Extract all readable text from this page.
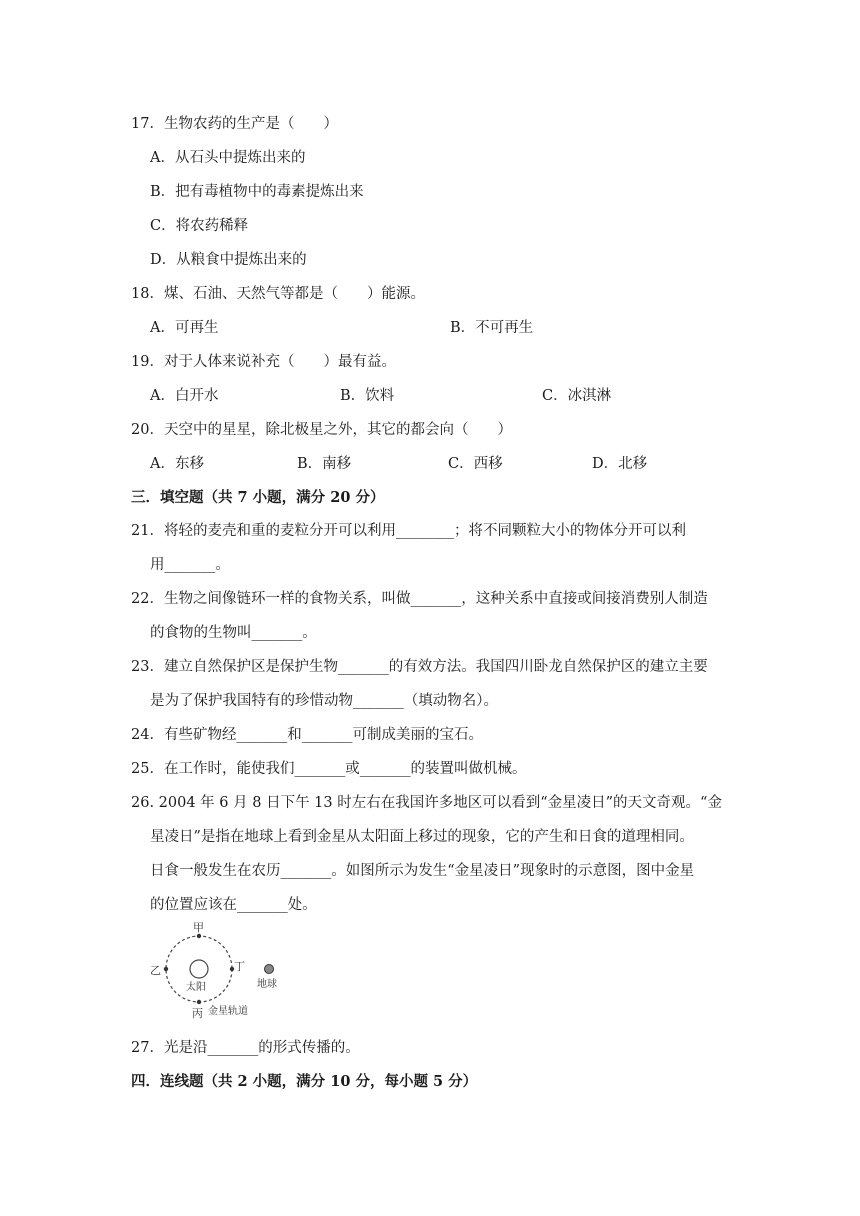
17．生物农药的生产是（　　）
A．从石头中提炼出来的
B．把有毒植物中的毒素提炼出来
C．将农药稀释
D．从粮食中提炼出来的
18．煤、石油、天然气等都是（　　）能源。
A．可再生	B．不可再生
19．对于人体来说补充（　　）最有益。
A．白开水	B．饮料	C．冰淇淋
20．天空中的星星，除北极星之外，其它的都会向（　　）
A．东移	B．南移	C．西移	D．北移
三．填空题（共 7 小题，满分 20 分）
21．将轻的麦壳和重的麦粒分开可以利用________；将不同颗粒大小的物体分开可以利
用_______。
22．生物之间像链环一样的食物关系，叫做_______，这种关系中直接或间接消费别人制造
的食物的生物叫_______。
23．建立自然保护区是保护生物_______的有效方法。我国四川卧龙自然保护区的建立主要
是为了保护我国特有的珍惜动物_______（填动物名）。
24．有些矿物经_______和_______可制成美丽的宝石。
25．在工作时，能使我们_______或_______的装置叫做机械。
26. 2004 年 6 月 8 日下午 13 时左右在我国许多地区可以看到“金星凌日”的天文奇观。“金
星凌日”是指在地球上看到金星从太阳面上移过的现象，它的产生和日食的道理相同。
日食一般发生在农历_______。如图所示为发生“金星凌日”现象时的示意图，图中金星
的位置应该在_______处。
甲
乙
丙
丁
太阳	地球
金星轨道
27．光是沿_______的形式传播的。
四．连线题（共 2 小题，满分 10 分，每小题 5 分）
